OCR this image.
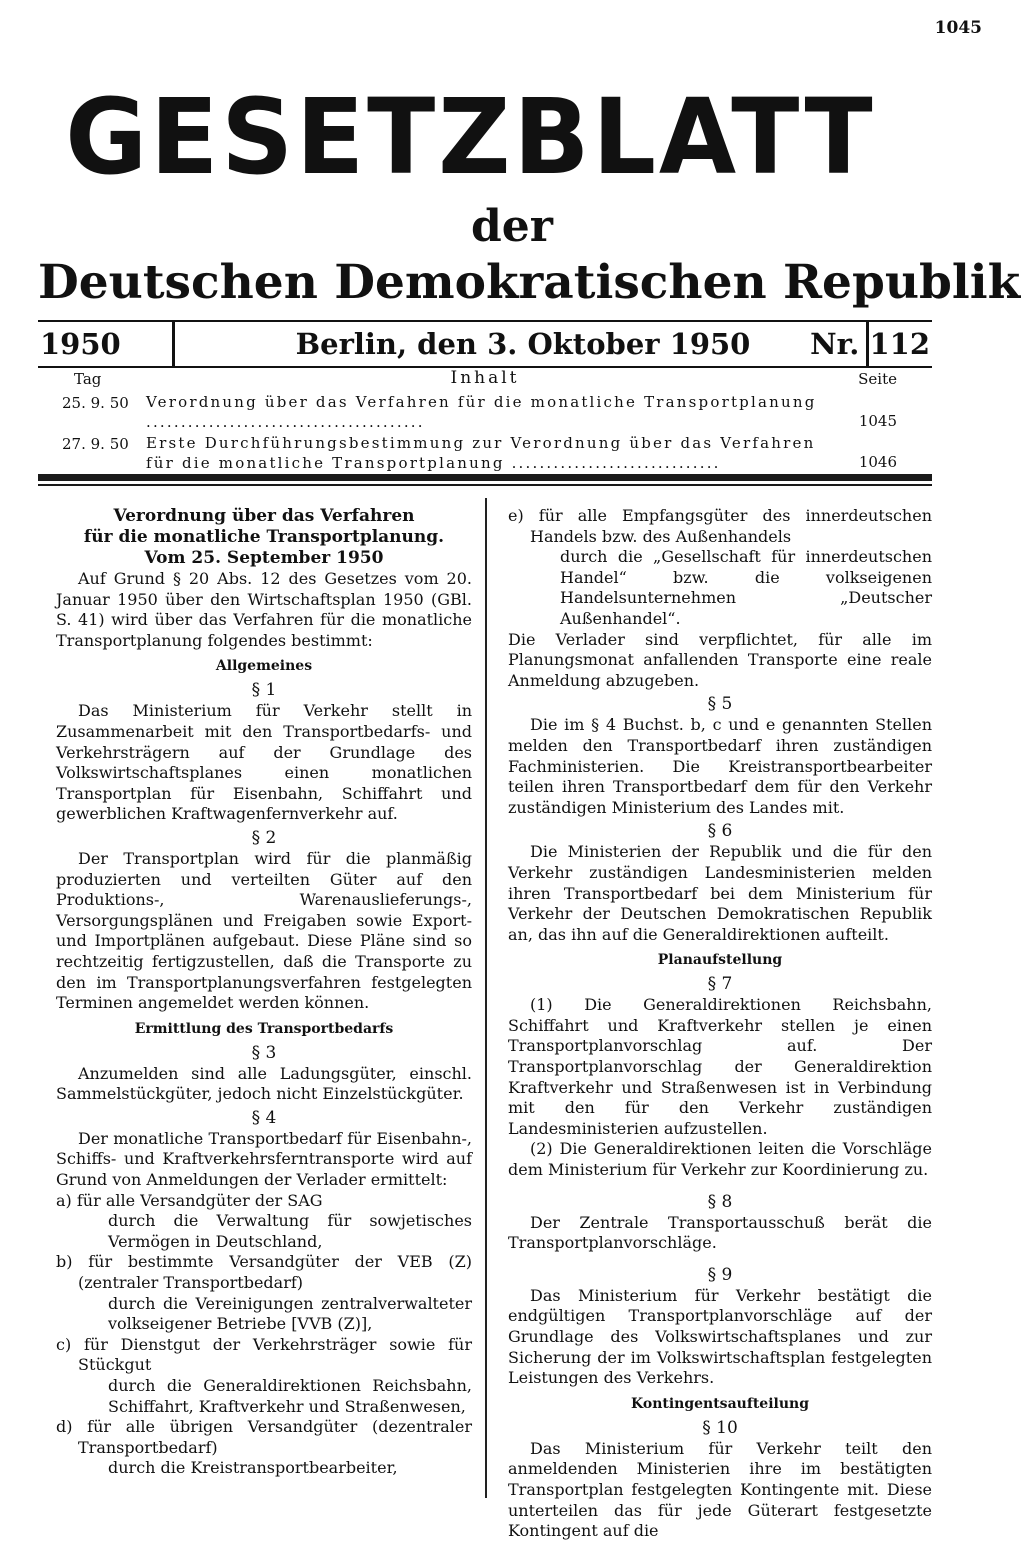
1045
GESETZBLATT
der
Deutschen Demokratischen Republik
1950	Berlin, den 3. Oktober 1950	Nr. 112
Tag	Inhalt	Seite
25. 9. 50 Verordnung über das Verfahren für die monatliche Transportplanung ........................................	1045
27. 9. 50 Erste Durchführungsbestimmung zur Verordnung über das Verfahren für die monatliche Transportplanung ..............................	1046

Verordnung über das Verfahren

für die monatliche Transportplanung.

Vom 25. September 1950

Auf Grund § 20 Abs. 12 des Gesetzes vom 20. Januar 1950 über den Wirtschaftsplan 1950 (GBl. S. 41) wird über das Verfahren für die monatliche Transportplanung folgendes bestimmt:

Allgemeines

§ 1

Das Ministerium für Verkehr stellt in Zusammenarbeit mit den Transportbedarfs- und Verkehrsträgern auf der Grundlage des Volkswirtschaftsplanes einen monatlichen Transportplan für Eisenbahn, Schiffahrt und gewerblichen Kraftwagenfernverkehr auf.

§ 2

Der Transportplan wird für die planmäßig produzierten und verteilten Güter auf den Produktions-, Warenauslieferungs-, Versorgungsplänen und Freigaben sowie Export- und Importplänen aufgebaut. Diese Pläne sind so rechtzeitig fertigzustellen, daß die Transporte zu den im Transportplanungsverfahren festgelegten Terminen angemeldet werden können.

Ermittlung des Transportbedarfs

§ 3

Anzumelden sind alle Ladungsgüter, einschl. Sammelstückgüter, jedoch nicht Einzelstückgüter.

§ 4

Der monatliche Transportbedarf für Eisenbahn-, Schiffs- und Kraftverkehrsferntransporte wird auf Grund von Anmeldungen der Verlader ermittelt:

a) für alle Versandgüter der SAG

durch die Verwaltung für sowjetisches Vermögen in Deutschland,

b) für bestimmte Versandgüter der VEB (Z) (zentraler Transportbedarf)

durch die Vereinigungen zentralverwalteter volkseigener Betriebe [VVB (Z)],

c) für Dienstgut der Verkehrsträger sowie für Stückgut

durch die Generaldirektionen Reichsbahn, Schiffahrt, Kraftverkehr und Straßenwesen,

d) für alle übrigen Versandgüter (dezentraler Transportbedarf)

durch die Kreistransportbearbeiter,

e) für alle Empfangsgüter des innerdeutschen Handels bzw. des Außenhandels

durch die „Gesellschaft für innerdeutschen Handel“ bzw. die volkseigenen Handelsunternehmen „Deutscher Außenhandel“.

Die Verlader sind verpflichtet, für alle im Planungsmonat anfallenden Transporte eine reale Anmeldung abzugeben.

§ 5

Die im § 4 Buchst. b, c und e genannten Stellen melden den Transportbedarf ihren zuständigen Fachministerien. Die Kreistransportbearbeiter teilen ihren Transportbedarf dem für den Verkehr zuständigen Ministerium des Landes mit.

§ 6

Die Ministerien der Republik und die für den Verkehr zuständigen Landesministerien melden ihren Transportbedarf bei dem Ministerium für Verkehr der Deutschen Demokratischen Republik an, das ihn auf die Generaldirektionen aufteilt.

Planaufstellung

§ 7

(1) Die Generaldirektionen Reichsbahn, Schiffahrt und Kraftverkehr stellen je einen Transportplanvorschlag auf. Der Transportplanvorschlag der Generaldirektion Kraftverkehr und Straßenwesen ist in Verbindung mit den für den Verkehr zuständigen Landesministerien aufzustellen.

(2) Die Generaldirektionen leiten die Vorschläge dem Ministerium für Verkehr zur Koordinierung zu.

§ 8

Der Zentrale Transportausschuß berät die Transportplanvorschläge.

§ 9

Das Ministerium für Verkehr bestätigt die endgültigen Transportplanvorschläge auf der Grundlage des Volkswirtschaftsplanes und zur Sicherung der im Volkswirtschaftsplan festgelegten Leistungen des Verkehrs.

Kontingentsaufteilung

§ 10

Das Ministerium für Verkehr teilt den anmeldenden Ministerien ihre im bestätigten Transportplan festgelegten Kontingente mit. Diese unterteilen das für jede Güterart festgesetzte Kontingent auf die
